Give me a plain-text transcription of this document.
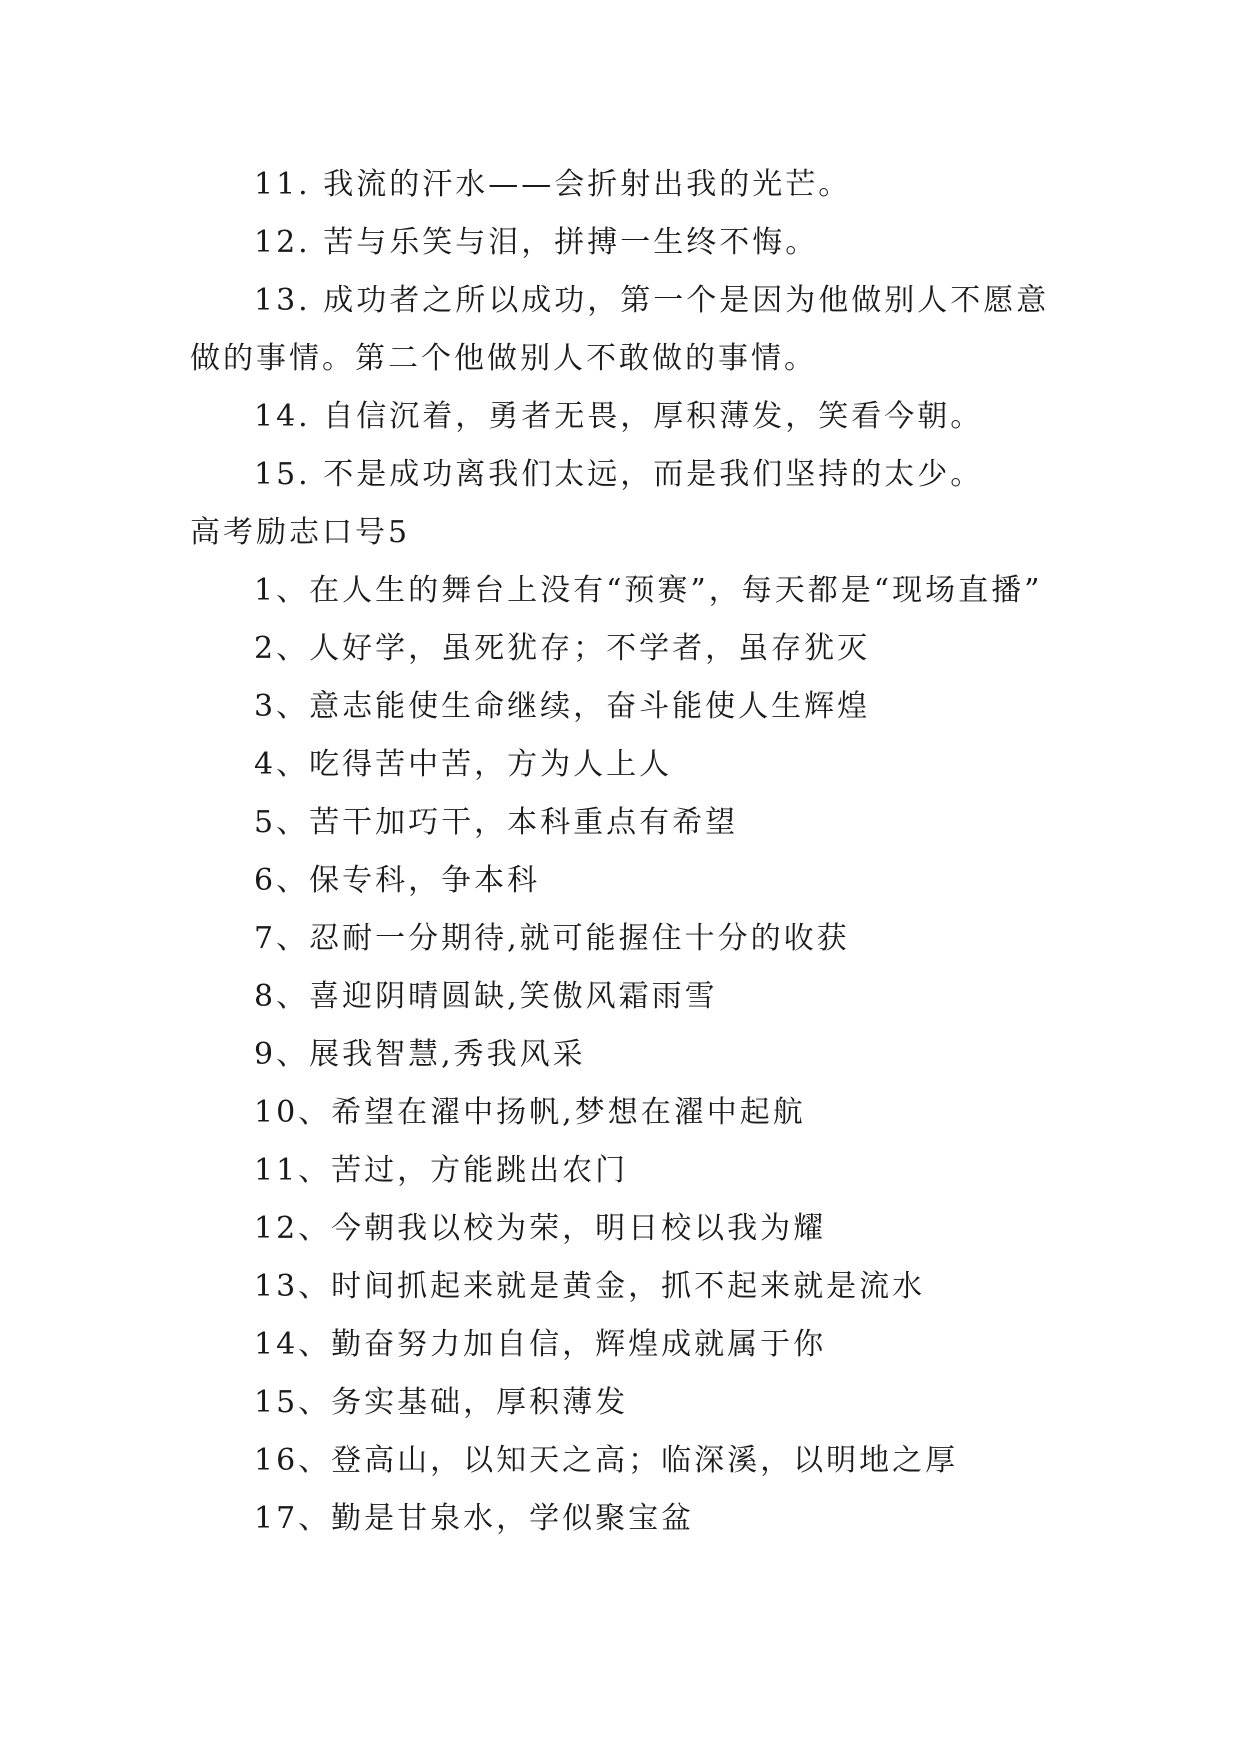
11. 我流的汗水——会折射出我的光芒。

12. 苦与乐笑与泪，拼搏一生终不悔。

13. 成功者之所以成功，第一个是因为他做别人不愿意做的事情。第二个他做别人不敢做的事情。

14. 自信沉着，勇者无畏，厚积薄发，笑看今朝。

15. 不是成功离我们太远，而是我们坚持的太少。

高考励志口号5

1、在人生的舞台上没有“预赛”，每天都是“现场直播”

2、人好学，虽死犹存；不学者，虽存犹灭

3、意志能使生命继续，奋斗能使人生辉煌

4、吃得苦中苦，方为人上人

5、苦干加巧干，本科重点有希望

6、保专科，争本科

7、忍耐一分期待,就可能握住十分的收获

8、喜迎阴晴圆缺,笑傲风霜雨雪

9、展我智慧,秀我风采

10、希望在濯中扬帆,梦想在濯中起航

11、苦过，方能跳出农门

12、今朝我以校为荣，明日校以我为耀

13、时间抓起来就是黄金，抓不起来就是流水

14、勤奋努力加自信，辉煌成就属于你

15、务实基础，厚积薄发

16、登高山，以知天之高；临深溪，以明地之厚

17、勤是甘泉水，学似聚宝盆
